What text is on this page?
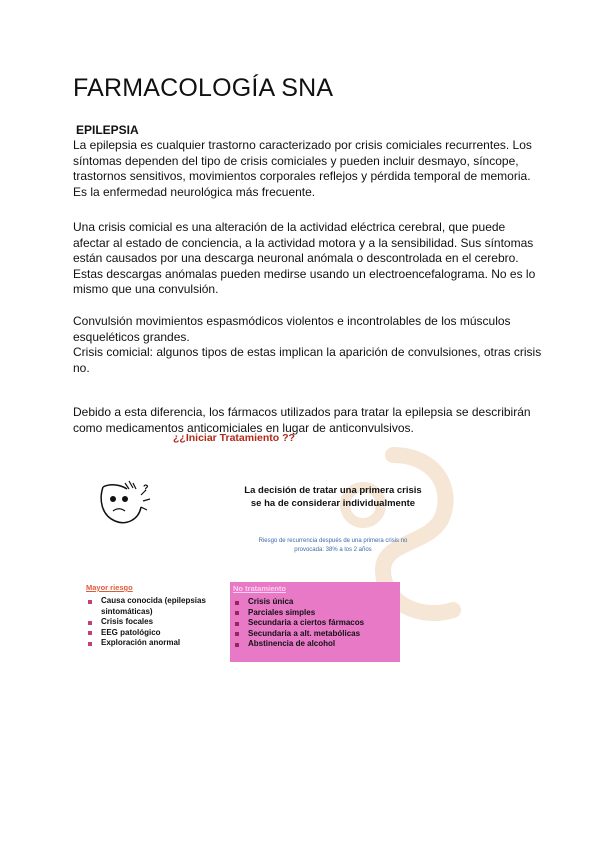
FARMACOLOGÍA SNA
EPILEPSIA

La epilepsia es cualquier trastorno caracterizado por crisis comiciales recurrentes. Los síntomas dependen del tipo de crisis comiciales y pueden incluir desmayo, síncope, trastornos sensitivos, movimientos corporales reflejos y pérdida temporal de memoria. Es la enfermedad neurológica más frecuente.

Una crisis comicial es una alteración de la actividad eléctrica cerebral, que puede afectar al estado de conciencia, a la actividad motora y a la sensibilidad. Sus síntomas están causados por una descarga neuronal anómala o descontrolada en el cerebro. Estas descargas anómalas pueden medirse usando un electroencefalograma. No es lo mismo que una convulsión.

Convulsión movimientos espasmódicos violentos e incontrolables de los músculos esqueléticos grandes.

Crisis comicial: algunos tipos de estas implican la aparición de convulsiones, otras crisis no.

Debido a esta diferencia, los fármacos utilizados para tratar la epilepsia se describirán como medicamentos anticomiciales en lugar de anticonvulsivos.

¿¿Iniciar Tratamiento ??
?	La decisión de tratar una primera crisis
se ha de considerar individualmente
Riesgo de recurrencia después de una primera crisis no
provocada: 38% a los 2 años
Mayor riesgo
Causa conocida (epilepsias sintomáticas)
Crisis focales
EEG patológico
Exploración anormal
No tratamiento
Crisis única
Parciales simples
Secundaria a ciertos fármacos
Secundaria a alt. metabólicas
Abstinencia de alcohol
